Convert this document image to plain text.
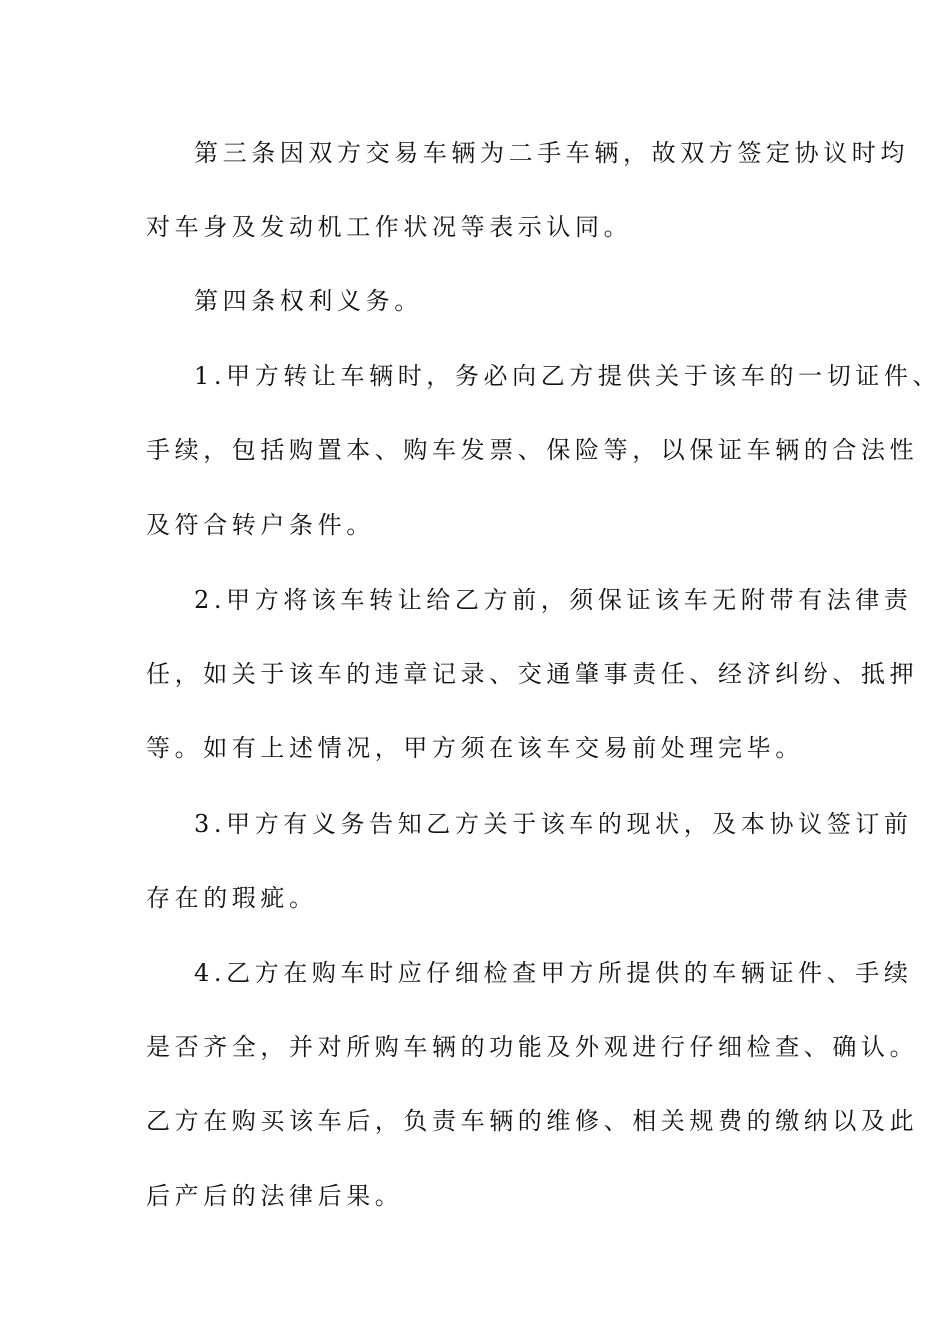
第三条因双方交易车辆为二手车辆，故双方签定协议时均
对车身及发动机工作状况等表示认同。
第四条权利义务。
1.甲方转让车辆时，务必向乙方提供关于该车的一切证件、
手续，包括购置本、购车发票、保险等，以保证车辆的合法性
及符合转户条件。
2.甲方将该车转让给乙方前，须保证该车无附带有法律责
任，如关于该车的违章记录、交通肇事责任、经济纠纷、抵押
等。如有上述情况，甲方须在该车交易前处理完毕。
3.甲方有义务告知乙方关于该车的现状，及本协议签订前
存在的瑕疵。
4.乙方在购车时应仔细检查甲方所提供的车辆证件、手续
是否齐全，并对所购车辆的功能及外观进行仔细检查、确认。
乙方在购买该车后，负责车辆的维修、相关规费的缴纳以及此
后产后的法律后果。
